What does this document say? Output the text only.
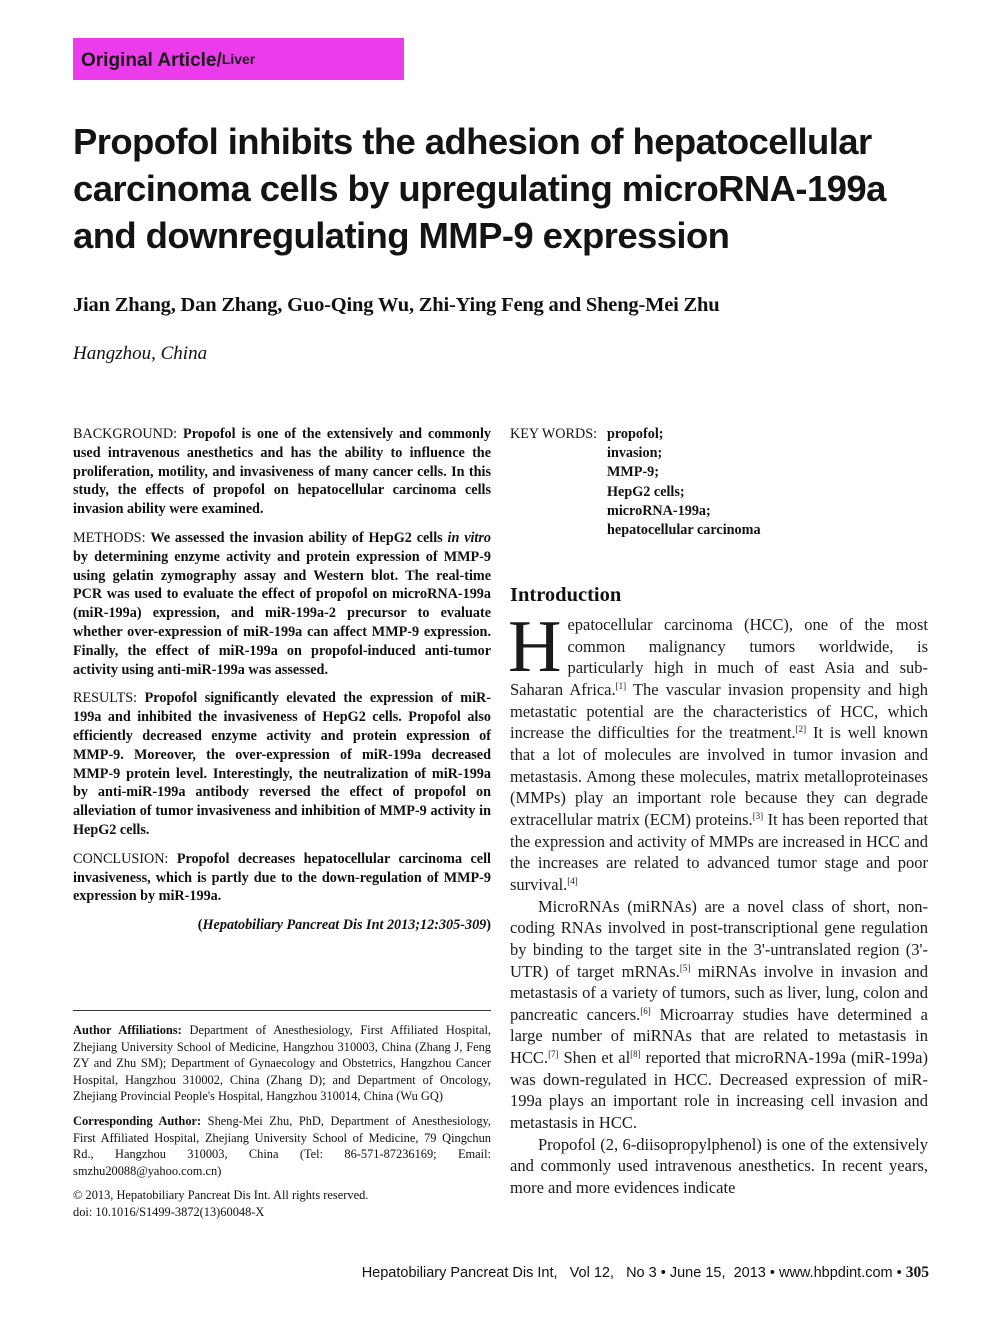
Original Article/Liver
Propofol inhibits the adhesion of hepatocellular carcinoma cells by upregulating microRNA-199a and downregulating MMP-9 expression
Jian Zhang, Dan Zhang, Guo-Qing Wu, Zhi-Ying Feng and Sheng-Mei Zhu
Hangzhou, China

BACKGROUND: Propofol is one of the extensively and commonly used intravenous anesthetics and has the ability to influence the proliferation, motility, and invasiveness of many cancer cells. In this study, the effects of propofol on hepatocellular carcinoma cells invasion ability were examined.

METHODS: We assessed the invasion ability of HepG2 cells in vitro by determining enzyme activity and protein expression of MMP-9 using gelatin zymography assay and Western blot. The real-time PCR was used to evaluate the effect of propofol on microRNA-199a (miR-199a) expression, and miR-199a-2 precursor to evaluate whether over-expression of miR-199a can affect MMP-9 expression. Finally, the effect of miR-199a on propofol-induced anti-tumor activity using anti-miR-199a was assessed.

RESULTS: Propofol significantly elevated the expression of miR-199a and inhibited the invasiveness of HepG2 cells. Propofol also efficiently decreased enzyme activity and protein expression of MMP-9. Moreover, the over-expression of miR-199a decreased MMP-9 protein level. Interestingly, the neutralization of miR-199a by anti-miR-199a antibody reversed the effect of propofol on alleviation of tumor invasiveness and inhibition of MMP-9 activity in HepG2 cells.

CONCLUSION: Propofol decreases hepatocellular carcinoma cell invasiveness, which is partly due to the down-regulation of MMP-9 expression by miR-199a.

(Hepatobiliary Pancreat Dis Int 2013;12:305-309)

Author Affiliations: Department of Anesthesiology, First Affiliated Hospital, Zhejiang University School of Medicine, Hangzhou 310003, China (Zhang J, Feng ZY and Zhu SM); Department of Gynaecology and Obstetrics, Hangzhou Cancer Hospital, Hangzhou 310002, China (Zhang D); and Department of Oncology, Zhejiang Provincial People's Hospital, Hangzhou 310014, China (Wu GQ)

Corresponding Author: Sheng-Mei Zhu, PhD, Department of Anesthesiology, First Affiliated Hospital, Zhejiang University School of Medicine, 79 Qingchun Rd., Hangzhou 310003, China (Tel: 86-571-87236169; Email: smzhu20088@yahoo.com.cn)

© 2013, Hepatobiliary Pancreat Dis Int. All rights reserved.

doi: 10.1016/S1499-3872(13)60048-X

KEY WORDS: propofol;
invasion;
MMP-9;
HepG2 cells;
microRNA-199a;
hepatocellular carcinoma
Introduction

Hepatocellular carcinoma (HCC), one of the most common malignancy tumors worldwide, is particularly high in much of east Asia and sub-Saharan Africa.[1] The vascular invasion propensity and high metastatic potential are the characteristics of HCC, which increase the difficulties for the treatment.[2] It is well known that a lot of molecules are involved in tumor invasion and metastasis. Among these molecules, matrix metalloproteinases (MMPs) play an important role because they can degrade extracellular matrix (ECM) proteins.[3] It has been reported that the expression and activity of MMPs are increased in HCC and the increases are related to advanced tumor stage and poor survival.[4]

MicroRNAs (miRNAs) are a novel class of short, non-coding RNAs involved in post-transcriptional gene regulation by binding to the target site in the 3'-untranslated region (3'-UTR) of target mRNAs.[5] miRNAs involve in invasion and metastasis of a variety of tumors, such as liver, lung, colon and pancreatic cancers.[6] Microarray studies have determined a large number of miRNAs that are related to metastasis in HCC.[7] Shen et al[8] reported that microRNA-199a (miR-199a) was down-regulated in HCC. Decreased expression of miR-199a plays an important role in increasing cell invasion and metastasis in HCC.

Propofol (2, 6-diisopropylphenol) is one of the extensively and commonly used intravenous anesthetics. In recent years, more and more evidences indicate

Hepatobiliary Pancreat Dis Int, Vol 12, No 3 • June 15, 2013 • www.hbpdint.com • 305
